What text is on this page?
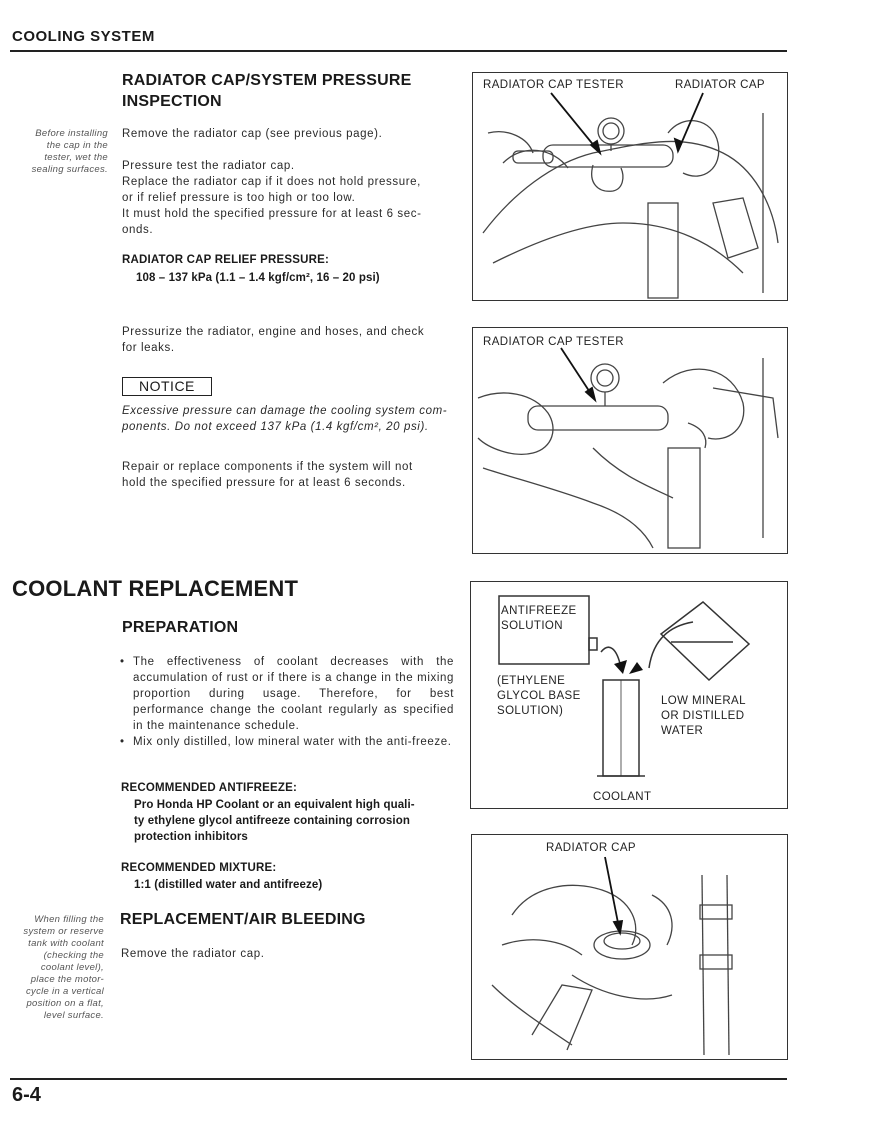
COOLING SYSTEM
RADIATOR CAP/SYSTEM PRESSURE
INSPECTION
Before installing
the cap in the
tester, wet the
sealing surfaces.
Remove the radiator cap (see previous page).
Pressure test the radiator cap.
Replace the radiator cap if it does not hold pressure,
or if relief pressure is too high or too low.
It must hold the specified pressure for at least 6 sec-
onds.
RADIATOR CAP RELIEF PRESSURE:
108 – 137 kPa (1.1 – 1.4 kgf/cm², 16 – 20 psi)
Pressurize the radiator, engine and hoses, and check
for leaks.
NOTICE
Excessive pressure can damage the cooling system com-
ponents. Do not exceed 137 kPa (1.4 kgf/cm², 20 psi).
Repair or replace components if the system will not
hold the specified pressure for at least 6 seconds.
RADIATOR CAP TESTER	RADIATOR CAP
RADIATOR CAP TESTER
COOLANT REPLACEMENT
PREPARATION
• The effectiveness of coolant decreases with the accumulation of rust or if there is a change in the mixing proportion during usage. Therefore, for best performance change the coolant regularly as specified in the maintenance schedule.
• Mix only distilled, low mineral water with the anti-freeze.
RECOMMENDED ANTIFREEZE:
Pro Honda HP Coolant or an equivalent high quali-
ty ethylene glycol antifreeze containing corrosion
protection inhibitors
RECOMMENDED MIXTURE:
1:1 (distilled water and antifreeze)
When filling the
system or reserve
tank with coolant
(checking the
coolant level),
place the motor-
cycle in a vertical
position on a flat,
level surface.
REPLACEMENT/AIR BLEEDING
Remove the radiator cap.
ANTIFREEZE
SOLUTION
(ETHYLENE
GLYCOL BASE
SOLUTION)
LOW MINERAL
OR DISTILLED
WATER
COOLANT
RADIATOR CAP
6-4
